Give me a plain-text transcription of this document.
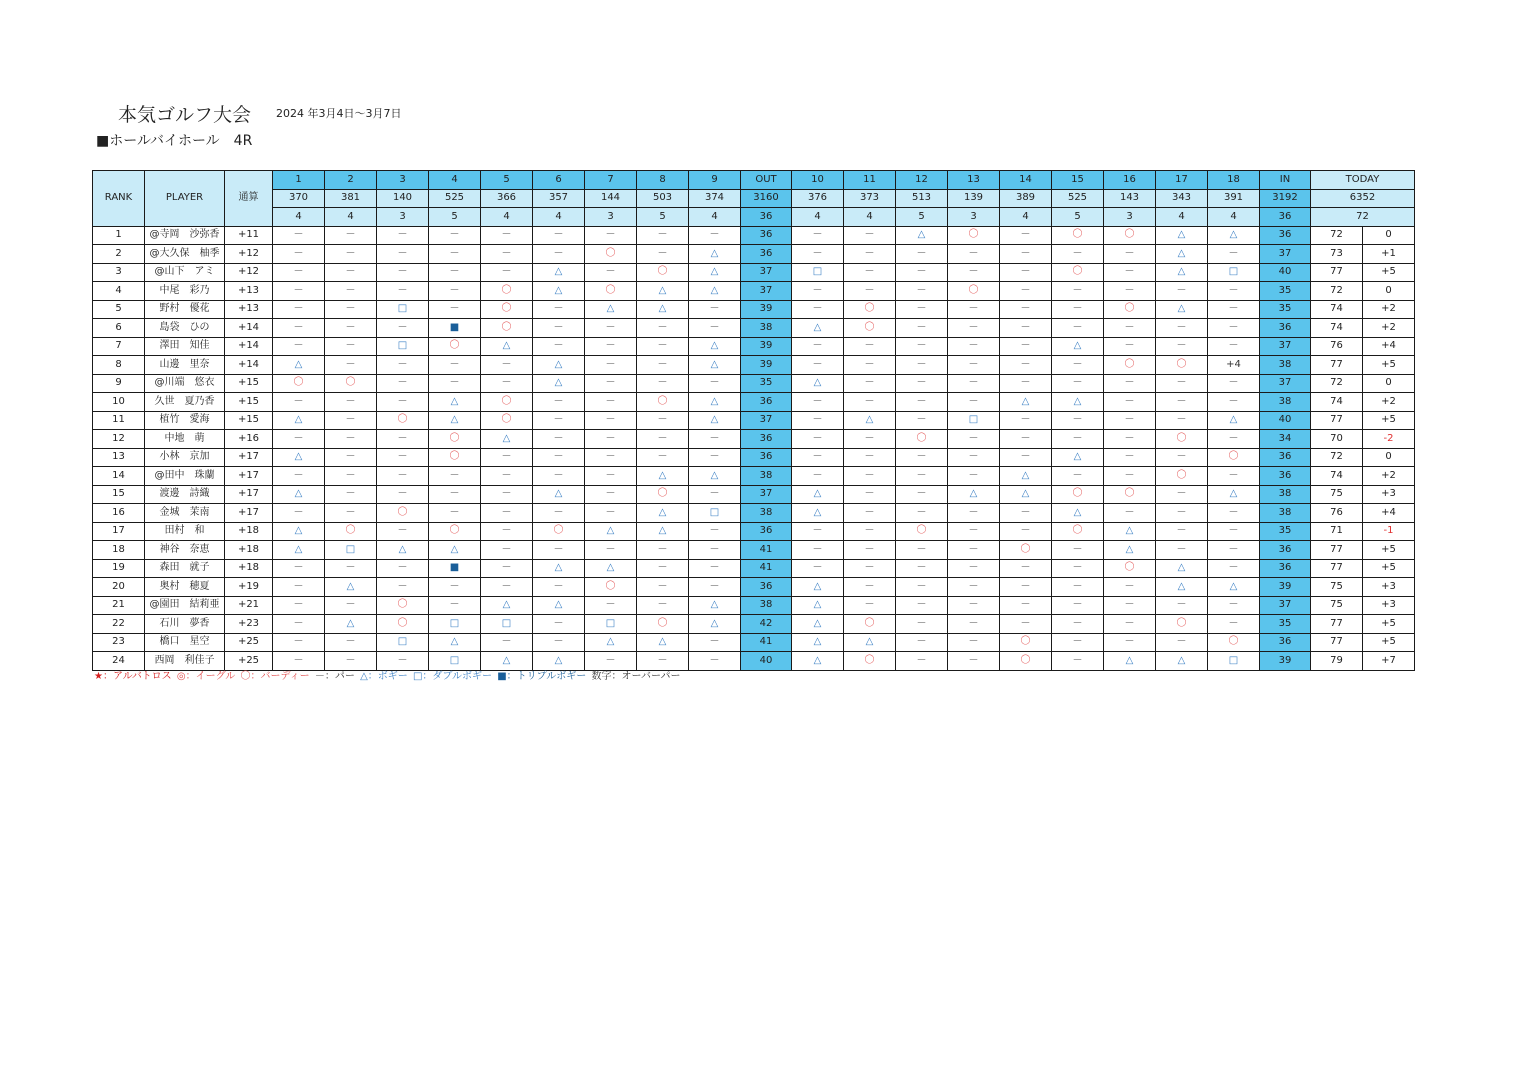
本気ゴルフ大会 2024 年3月4日～3月7日
■ホールバイホール　4R
RANK	PLAYER	通算	1	2	3	4	5	6	7	8	9	OUT	10	11	12	13	14	15	16	17	18	IN	TODAY	
			370	381	140	525	366	357	144	503	374	3160	376	373	513	139	389	525	143	343	391	3192	6352	
			4	4	3	5	4	4	3	5	4	36	4	4	5	3	4	5	3	4	4	36	72	
1	@寺岡　沙弥香	+11	－	－	－	－	－	－	－	－	－	36	－	－	△	〇	－	〇	〇	△	△	36	72	0
2	@大久保　柚季	+12	－	－	－	－	－	－	〇	－	△	36	－	－	－	－	－	－	－	△	－	37	73	+1
3	@山下　アミ	+12	－	－	－	－	－	△	－	〇	△	37	□	－	－	－	－	〇	－	△	□	40	77	+5
4	中尾　彩乃	+13	－	－	－	－	〇	△	〇	△	△	37	－	－	－	〇	－	－	－	－	－	35	72	0
5	野村　優花	+13	－	－	□	－	〇	－	△	△	－	39	－	〇	－	－	－	－	〇	△	－	35	74	+2
6	島袋　ひの	+14	－	－	－	■	〇	－	－	－	－	38	△	〇	－	－	－	－	－	－	－	36	74	+2
7	澤田　知佳	+14	－	－	□	〇	△	－	－	－	△	39	－	－	－	－	－	△	－	－	－	37	76	+4
8	山邊　里奈	+14	△	－	－	－	－	△	－	－	△	39	－	－	－	－	－	－	〇	〇	+4	38	77	+5
9	@川端　悠衣	+15	〇	〇	－	－	－	△	－	－	－	35	△	－	－	－	－	－	－	－	－	37	72	0
10	久世　夏乃香	+15	－	－	－	△	〇	－	－	〇	△	36	－	－	－	－	△	△	－	－	－	38	74	+2
11	植竹　愛海	+15	△	－	〇	△	〇	－	－	－	△	37	－	△	－	□	－	－	－	－	△	40	77	+5
12	中地　萌	+16	－	－	－	〇	△	－	－	－	－	36	－	－	〇	－	－	－	－	〇	－	34	70	-2
13	小林　京加	+17	△	－	－	〇	－	－	－	－	－	36	－	－	－	－	－	△	－	－	〇	36	72	0
14	@田中　珠蘭	+17	－	－	－	－	－	－	－	△	△	38	－	－	－	－	△	－	－	〇	－	36	74	+2
15	渡邊　詩織	+17	△	－	－	－	－	△	－	〇	－	37	△	－	－	△	△	〇	〇	－	△	38	75	+3
16	金城　茉南	+17	－	－	〇	－	－	－	－	△	□	38	△	－	－	－	－	△	－	－	－	38	76	+4
17	田村　和	+18	△	〇	－	〇	－	〇	△	△	－	36	－	－	〇	－	－	〇	△	－	－	35	71	-1
18	神谷　奈恵	+18	△	□	△	△	－	－	－	－	－	41	－	－	－	－	〇	－	△	－	－	36	77	+5
19	森田　就子	+18	－	－	－	■	－	△	△	－	－	41	－	－	－	－	－	－	〇	△	－	36	77	+5
20	奥村　穂夏	+19	－	△	－	－	－	－	〇	－	－	36	△	－	－	－	－	－	－	△	△	39	75	+3
21	@園田　結莉亜	+21	－	－	〇	－	△	△	－	－	△	38	△	－	－	－	－	－	－	－	－	37	75	+3
22	石川　夢香	+23	－	△	〇	□	□	－	□	〇	△	42	△	〇	－	－	－	－	－	〇	－	35	77	+5
23	橋口　星空	+25	－	－	□	△	－	－	△	△	－	41	△	△	－	－	〇	－	－	－	〇	36	77	+5
24	西岡　利佳子	+25	－	－	－	□	△	△	－	－	－	40	△	〇	－	－	〇	－	△	△	□	39	79	+7
★：アルバトロス ◎：イーグル 〇：バーディー －：パー △：ボギー □：ダブルボギー ■：トリプルボギー 数字：オーバーパー
